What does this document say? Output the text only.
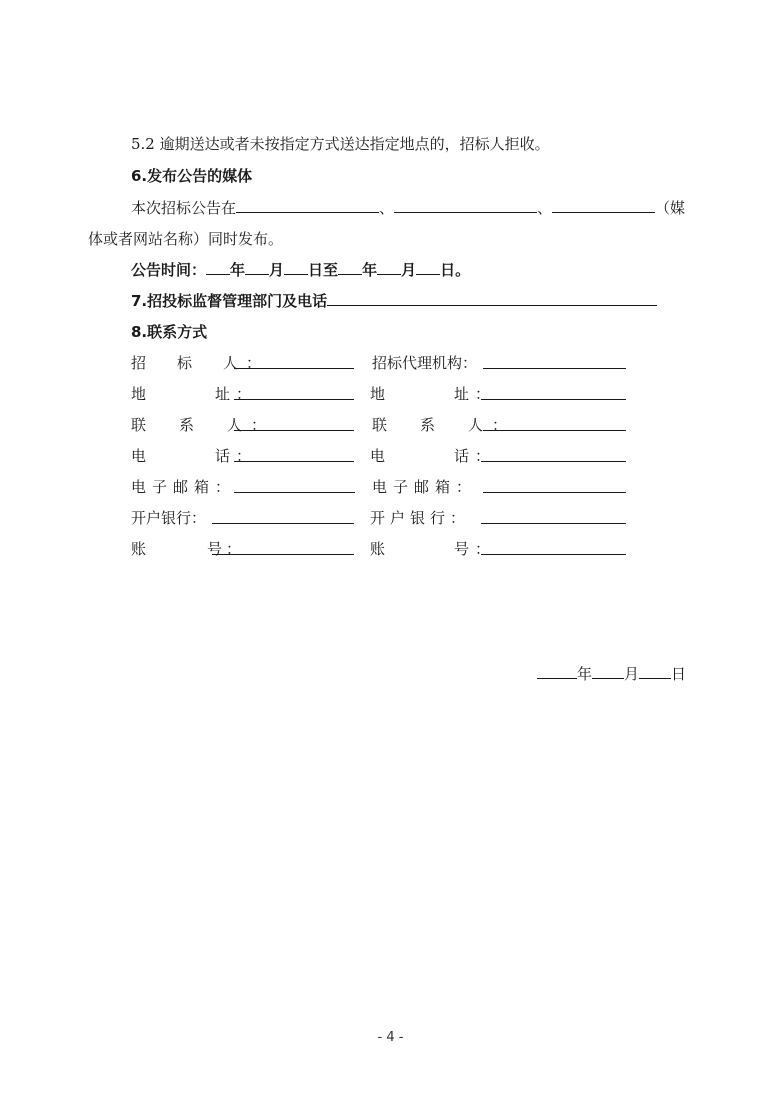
5.2 逾期送达或者未按指定方式送达指定地点的，招标人拒收。
6.发布公告的媒体
本次招标公告在	、	、	（媒
体或者网站名称）同时发布。
公告时间： 年 月 日至 年 月 日。
7.招投标监督管理部门及电话
8.联系方式
招　标　人：	招标代理机构：
地　　　址：	地　　　址：
联　系　人：	联　系　人：
电　　　话：	电　　　话：
电子邮箱：	电子邮箱：
开户银行：	开户银行：
账　　　号：	账　　　号：
年 月 日
- 4 -
